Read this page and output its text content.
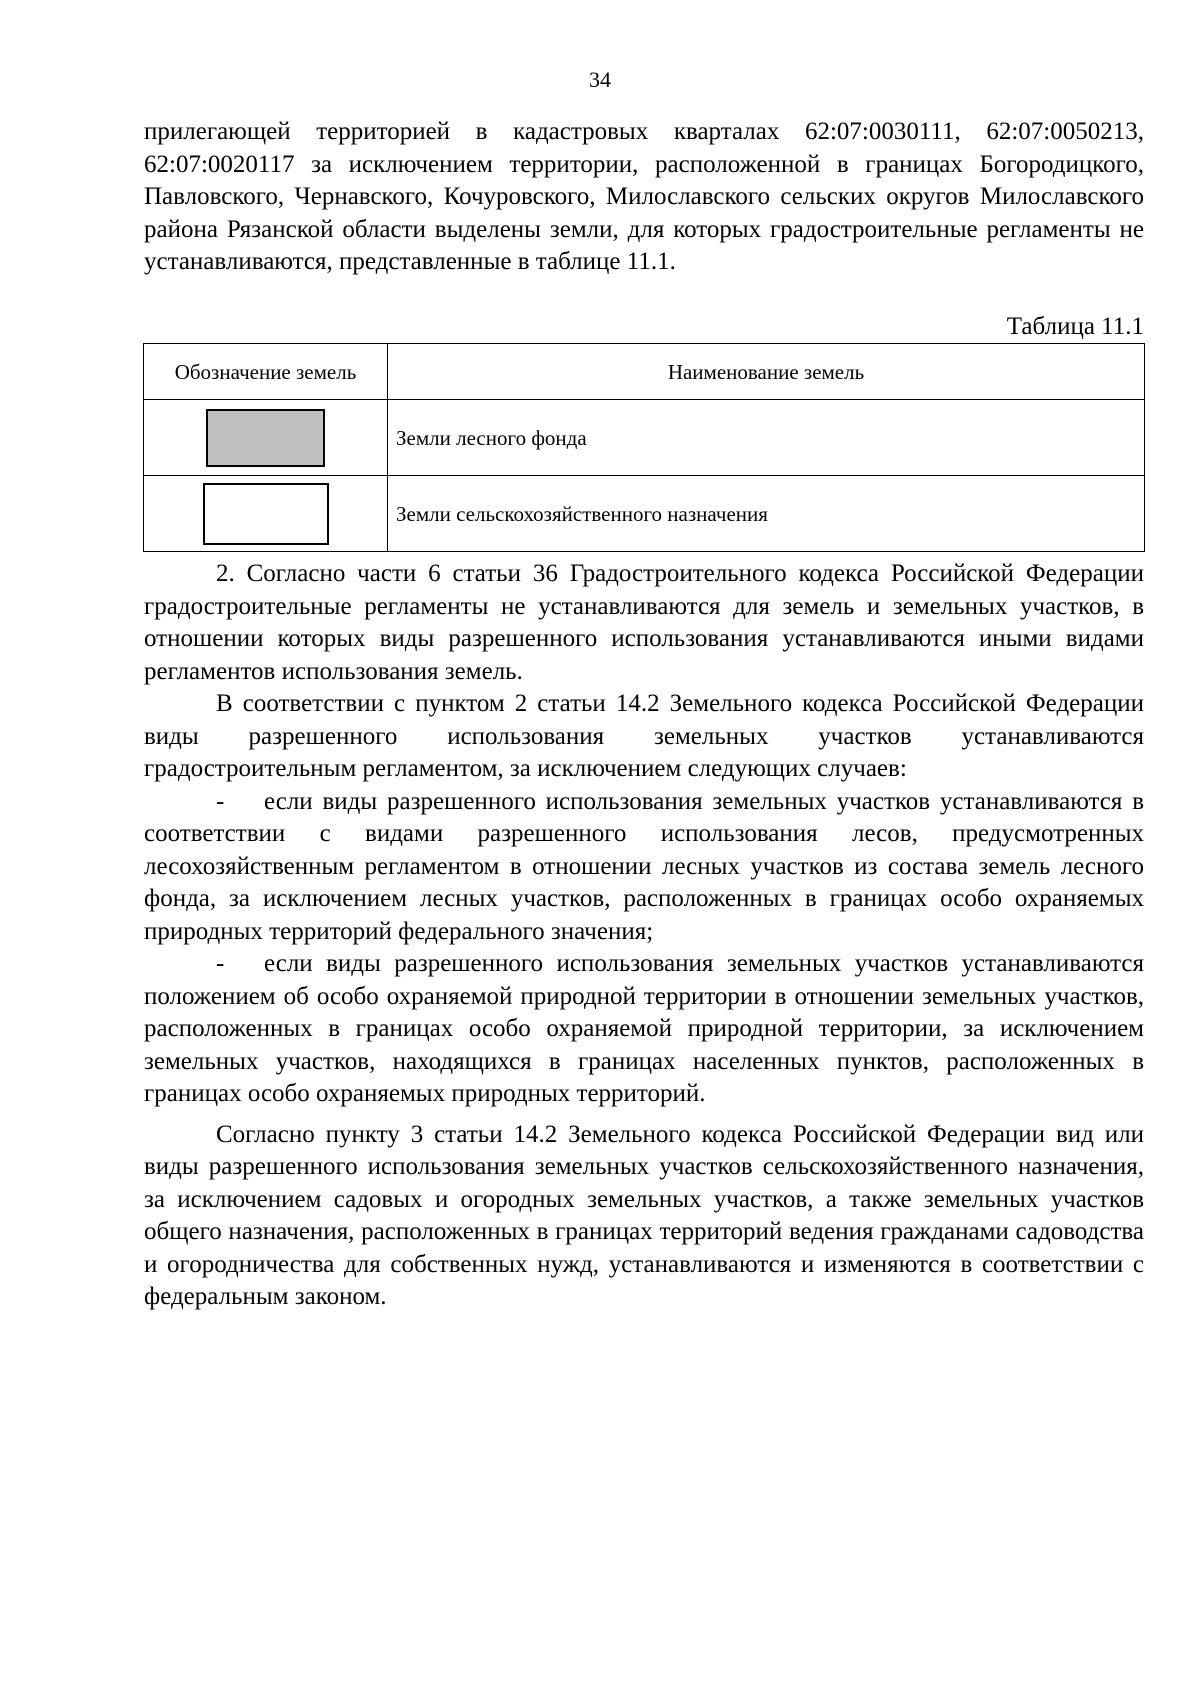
34

прилегающей территорией в кадастровых кварталах 62:07:0030111, 62:07:0050213, 62:07:0020117 за исключением территории, расположенной в границах Богородицкого, Павловского, Чернавского, Кочуровского, Милославского сельских округов Милославского района Рязанской области выделены земли, для которых градостроительные регламенты не устанавливаются, представленные в таблице 11.1.

Таблица 11.1
Обозначение земель	Наименование земель

	Земли лесного фонда

	Земли сельскохозяйственного назначения

2. Согласно части 6 статьи 36 Градостроительного кодекса Российской Федерации градостроительные регламенты не устанавливаются для земель и земельных участков, в отношении которых виды разрешенного использования устанавливаются иными видами регламентов использования земель.

В соответствии с пунктом 2 статьи 14.2 Земельного кодекса Российской Федерации виды разрешенного использования земельных участков устанавливаются градостроительным регламентом, за исключением следующих случаев:

- если виды разрешенного использования земельных участков устанавливаются в соответствии с видами разрешенного использования лесов, предусмотренных лесохозяйственным регламентом в отношении лесных участков из состава земель лесного фонда, за исключением лесных участков, расположенных в границах особо охраняемых природных территорий федерального значения;

- если виды разрешенного использования земельных участков устанавливаются положением об особо охраняемой природной территории в отношении земельных участков, расположенных в границах особо охраняемой природной территории, за исключением земельных участков, находящихся в границах населенных пунктов, расположенных в границах особо охраняемых природных территорий.

Согласно пункту 3 статьи 14.2 Земельного кодекса Российской Федерации вид или виды разрешенного использования земельных участков сельскохозяйственного назначения, за исключением садовых и огородных земельных участков, а также земельных участков общего назначения, расположенных в границах территорий ведения гражданами садоводства и огородничества для собственных нужд, устанавливаются и изменяются в соответствии с федеральным законом.
